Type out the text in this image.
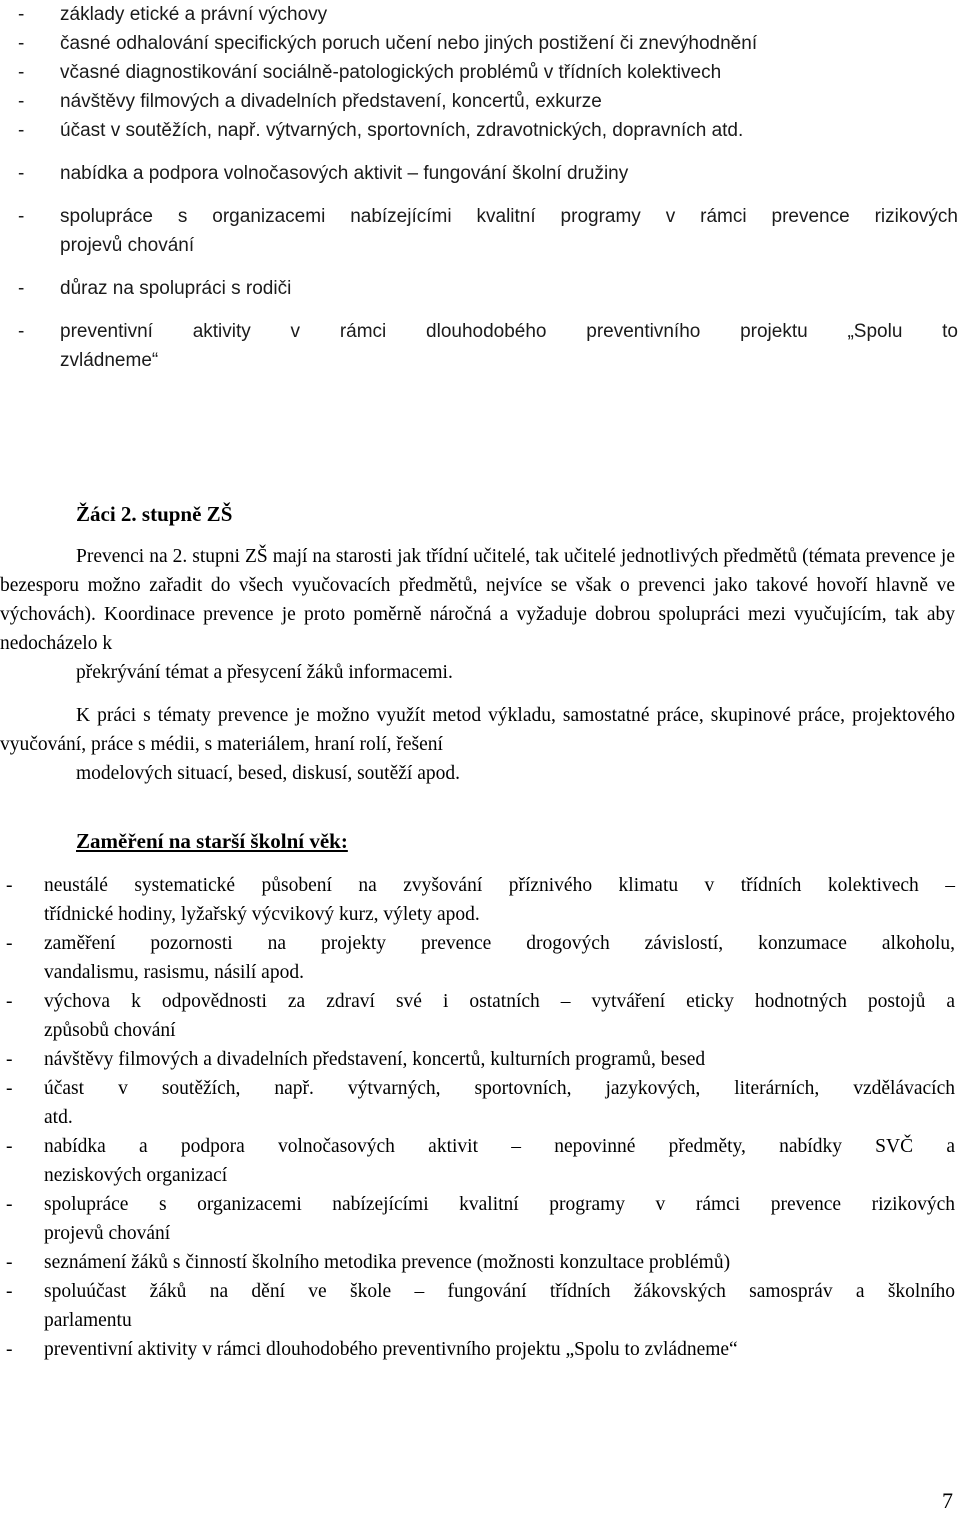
- základy etické a právní výchovy
- časné odhalování specifických poruch učení nebo jiných postižení či znevýhodnění
- včasné diagnostikování sociálně-patologických problémů v třídních kolektivech
- návštěvy filmových a divadelních představení, koncertů, exkurze
- účast v soutěžích, např. výtvarných, sportovních, zdravotnických, dopravních atd.
- nabídka a podpora volnočasových aktivit – fungování školní družiny
- spolupráce s organizacemi nabízejícími kvalitní programy v rámci prevence rizikových
projevů chování
- důraz na spolupráci s rodiči
- preventivní aktivity v rámci dlouhodobého preventivního projektu „Spolu to
zvládneme“
Žáci 2. stupně ZŠ
Prevenci na 2. stupni ZŠ mají na starosti jak třídní učitelé, tak učitelé jednotlivých předmětů (témata prevence je bezesporu možno zařadit do všech vyučovacích předmětů, nejvíce se však o prevenci jako takové hovoří hlavně ve výchovách). Koordinace prevence je proto poměrně náročná a vyžaduje dobrou spolupráci mezi vyučujícím, tak aby nedocházelo k
překrývání témat a přesycení žáků informacemi.
K práci s tématy prevence je možno využít metod výkladu, samostatné práce, skupinové práce, projektového vyučování, práce s médii, s materiálem, hraní rolí, řešení
modelových situací, besed, diskusí, soutěží apod.
Zaměření na starší školní věk:
- neustálé systematické působení na zvyšování příznivého klimatu v třídních kolektivech –
třídnické hodiny, lyžařský výcvikový kurz, výlety apod.
- zaměření pozornosti na projekty prevence drogových závislostí, konzumace alkoholu,
vandalismu, rasismu, násilí apod.
- výchova k odpovědnosti za zdraví své i ostatních – vytváření eticky hodnotných postojů a
způsobů chování
- návštěvy filmových a divadelních představení, koncertů, kulturních programů, besed
- účast v soutěžích, např. výtvarných, sportovních, jazykových, literárních, vzdělávacích
atd.
- nabídka a podpora volnočasových aktivit – nepovinné předměty, nabídky SVČ a
neziskových organizací
- spolupráce s organizacemi nabízejícími kvalitní programy v rámci prevence rizikových
projevů chování
- seznámení žáků s činností školního metodika prevence (možnosti konzultace problémů)
- spoluúčast žáků na dění ve škole – fungování třídních žákovských samospráv a školního
parlamentu
- preventivní aktivity v rámci dlouhodobého preventivního projektu „Spolu to zvládneme“
7
